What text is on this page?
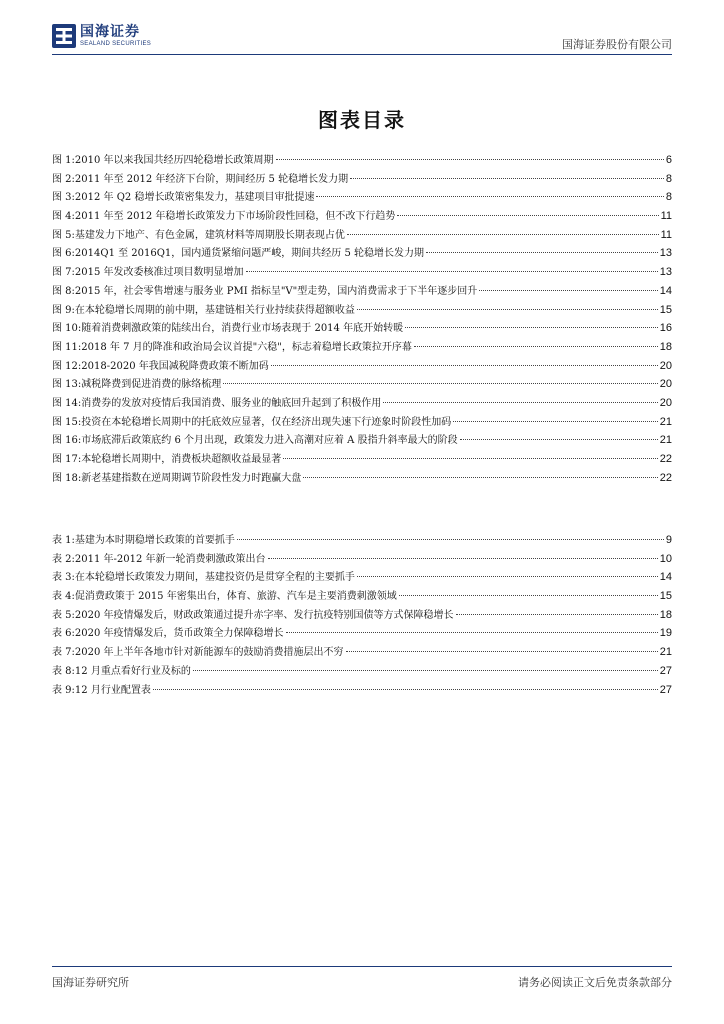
国海证券
SEALAND SECURITIES	国海证券股份有限公司
图表目录
图 1: 2010 年以来我国共经历四轮稳增长政策周期	6
图 2: 2011 年至 2012 年经济下台阶，期间经历 5 轮稳增长发力期	8
图 3: 2012 年 Q2 稳增长政策密集发力，基建项目审批提速	8
图 4: 2011 年至 2012 年稳增长政策发力下市场阶段性回稳，但不改下行趋势	11
图 5: 基建发力下地产、有色金属，建筑材料等周期股长期表现占优	11
图 6: 2014Q1 至 2016Q1，国内通货紧缩问题严峻，期间共经历 5 轮稳增长发力期	13
图 7: 2015 年发改委核准过项目数明显增加	13
图 8: 2015 年，社会零售增速与服务业 PMI 指标呈"V"型走势，国内消费需求于下半年逐步回升	14
图 9: 在本轮稳增长周期的前中期，基建链相关行业持续获得超额收益	15
图 10: 随着消费刺激政策的陆续出台，消费行业市场表现于 2014 年底开始转暖	16
图 11: 2018 年 7 月的降准和政治局会议首提"六稳"，标志着稳增长政策拉开序幕	18
图 12: 2018-2020 年我国减税降费政策不断加码	20
图 13: 减税降费到促进消费的脉络梳理	20
图 14: 消费券的发放对疫情后我国消费、服务业的触底回升起到了积极作用	20
图 15: 投资在本轮稳增长周期中的托底效应显著，仅在经济出现失速下行迹象时阶段性加码	21
图 16: 市场底滞后政策底约 6 个月出现，政策发力进入高潮对应着 A 股指升斜率最大的阶段	21
图 17: 本轮稳增长周期中，消费板块超额收益最显著	22
图 18: 新老基建指数在逆周期调节阶段性发力时跑赢大盘	22
表 1: 基建为本时期稳增长政策的首要抓手	9
表 2: 2011 年-2012 年新一轮消费刺激政策出台	10
表 3: 在本轮稳增长政策发力期间，基建投资仍是贯穿全程的主要抓手	14
表 4: 促消费政策于 2015 年密集出台，体育、旅游、汽车是主要消费刺激领域	15
表 5: 2020 年疫情爆发后，财政政策通过提升赤字率、发行抗疫特别国债等方式保障稳增长	18
表 6: 2020 年疫情爆发后，货币政策全力保障稳增长	19
表 7: 2020 年上半年各地市针对新能源车的鼓励消费措施层出不穷	21
表 8: 12 月重点看好行业及标的	27
表 9: 12 月行业配置表	27
国海证券研究所	请务必阅读正文后免责条款部分
